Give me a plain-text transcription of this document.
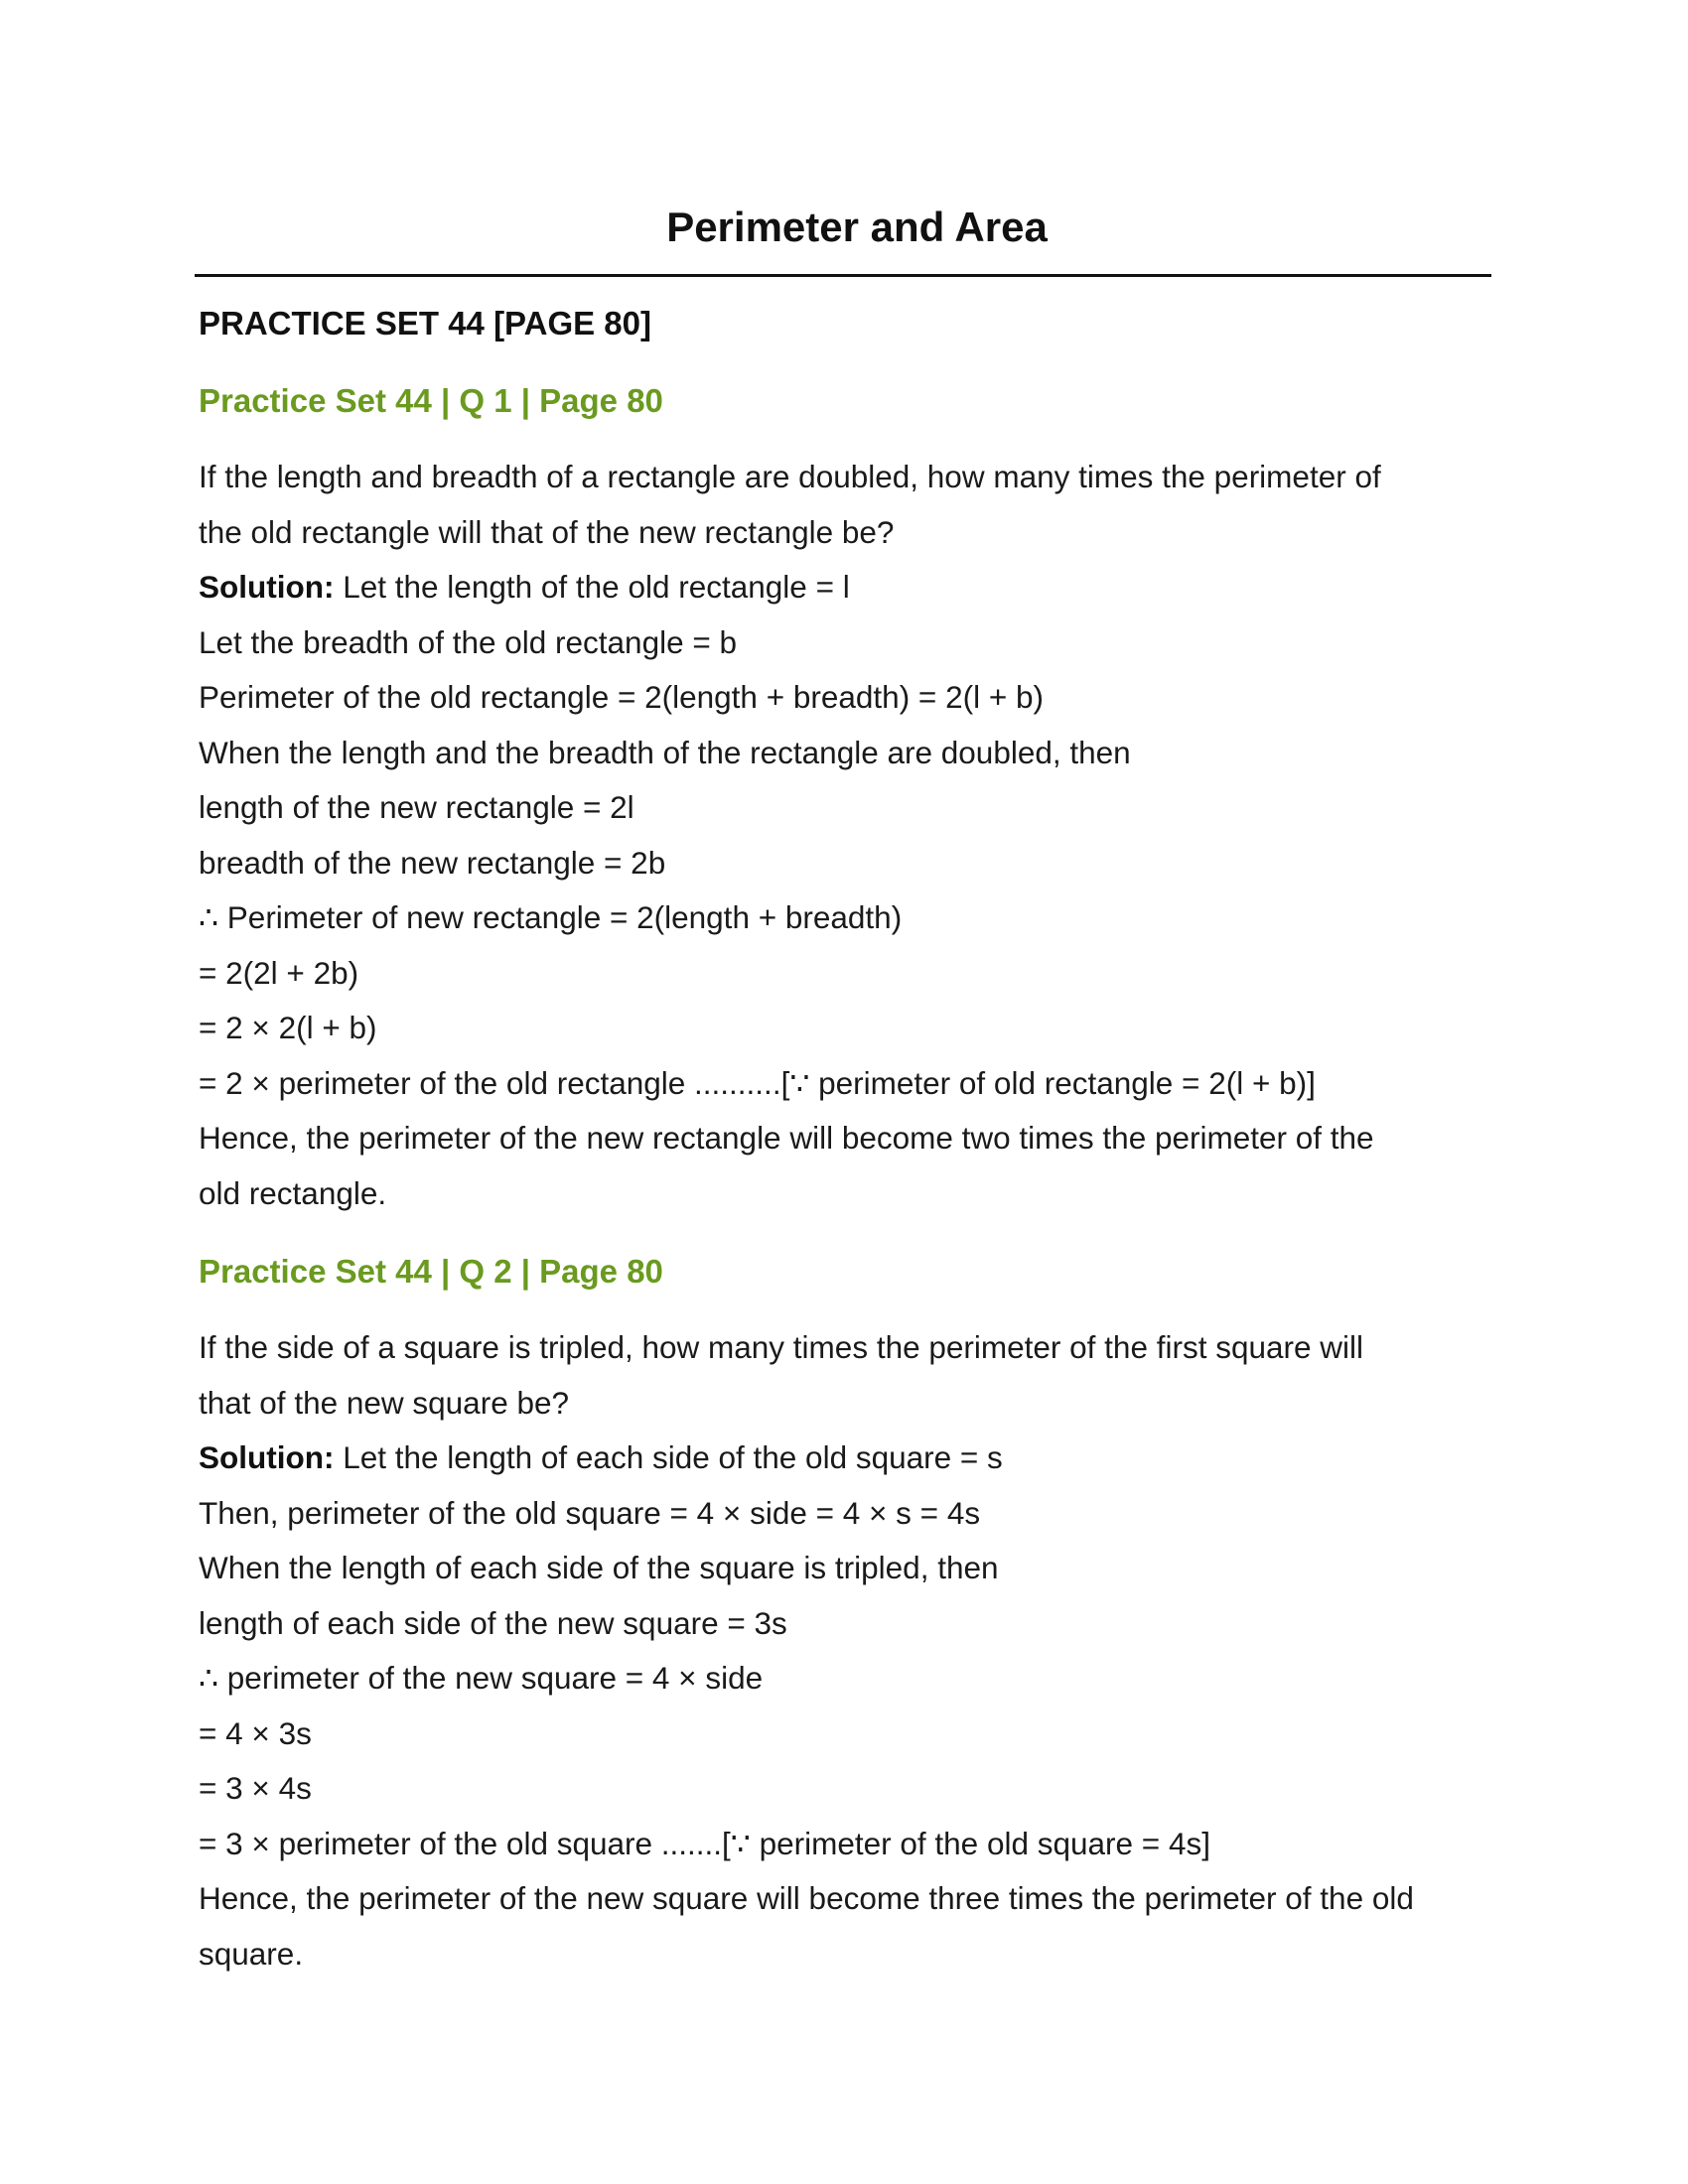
Perimeter and Area
PRACTICE SET 44 [PAGE 80]
Practice Set 44 | Q 1 | Page 80
If the length and breadth of a rectangle are doubled, how many times the perimeter of
the old rectangle will that of the new rectangle be?
Solution: Let the length of the old rectangle = l
Let the breadth of the old rectangle = b
Perimeter of the old rectangle = 2(length + breadth) = 2(l + b)
When the length and the breadth of the rectangle are doubled, then
length of the new rectangle = 2l
breadth of the new rectangle = 2b
∴ Perimeter of new rectangle = 2(length + breadth)
= 2(2l + 2b)
= 2 × 2(l + b)
= 2 × perimeter of the old rectangle ..........[∵ perimeter of old rectangle = 2(l + b)]
Hence, the perimeter of the new rectangle will become two times the perimeter of the
old rectangle.
Practice Set 44 | Q 2 | Page 80
If the side of a square is tripled, how many times the perimeter of the first square will
that of the new square be?
Solution: Let the length of each side of the old square = s
Then, perimeter of the old square = 4 × side = 4 × s = 4s
When the length of each side of the square is tripled, then
length of each side of the new square = 3s
∴ perimeter of the new square = 4 × side
= 4 × 3s
= 3 × 4s
= 3 × perimeter of the old square .......[∵ perimeter of the old square = 4s]
Hence, the perimeter of the new square will become three times the perimeter of the old
square.
